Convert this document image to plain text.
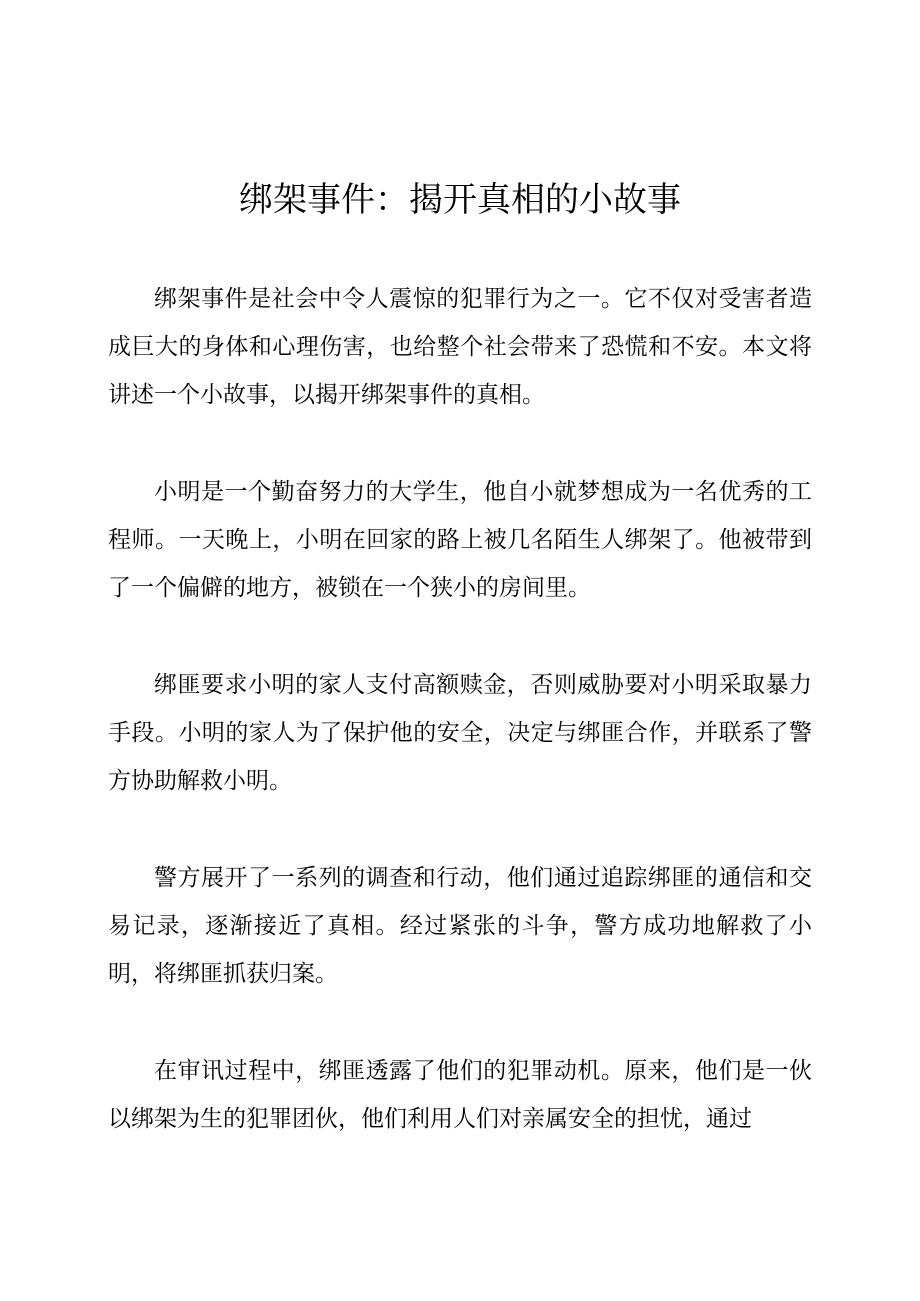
绑架事件：揭开真相的小故事

绑架事件是社会中令人震惊的犯罪行为之一。它不仅对受害者造成巨大的身体和心理伤害，也给整个社会带来了恐慌和不安。本文将讲述一个小故事，以揭开绑架事件的真相。

小明是一个勤奋努力的大学生，他自小就梦想成为一名优秀的工程师。一天晚上，小明在回家的路上被几名陌生人绑架了。他被带到了一个偏僻的地方，被锁在一个狭小的房间里。

绑匪要求小明的家人支付高额赎金，否则威胁要对小明采取暴力手段。小明的家人为了保护他的安全，决定与绑匪合作，并联系了警方协助解救小明。

警方展开了一系列的调查和行动，他们通过追踪绑匪的通信和交易记录，逐渐接近了真相。经过紧张的斗争，警方成功地解救了小明，将绑匪抓获归案。

在审讯过程中，绑匪透露了他们的犯罪动机。原来，他们是一伙以绑架为生的犯罪团伙，他们利用人们对亲属安全的担忧，通过
